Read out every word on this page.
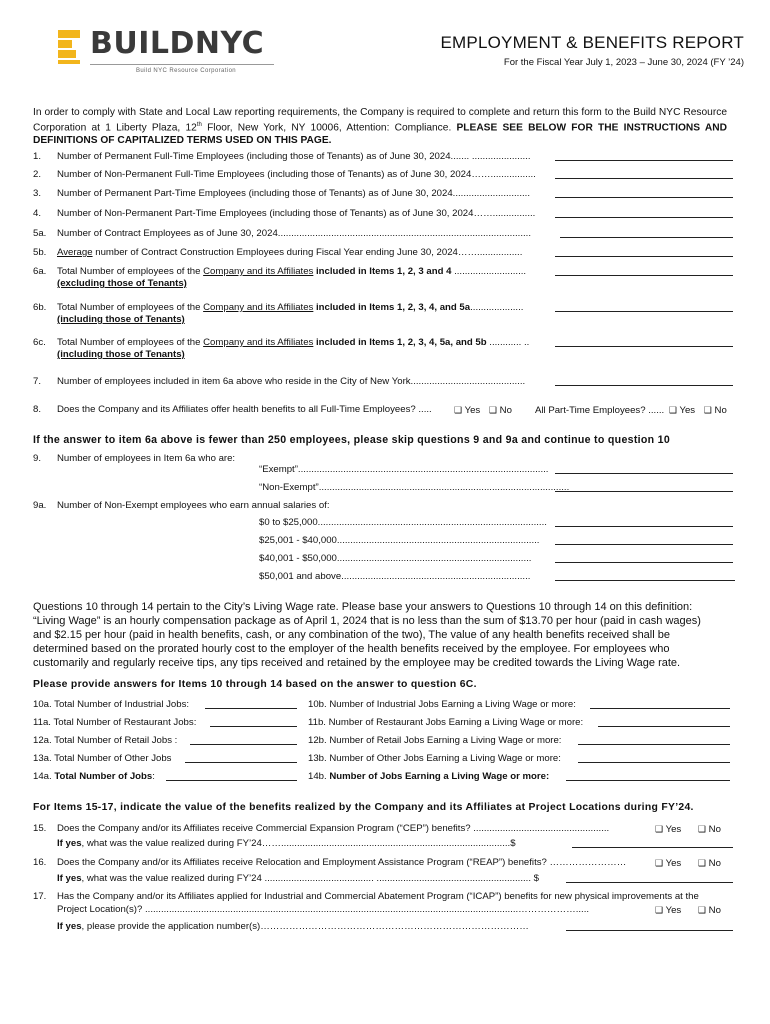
BUILDNYC
Build NYC Resource Corporation
EMPLOYMENT & BENEFITS REPORT
For the Fiscal Year July 1, 2023 – June 30, 2024 (FY ’24)
In order to comply with State and Local Law reporting requirements, the Company is required to complete and return this form to the Build NYC Resource Corporation at 1 Liberty Plaza, 12th Floor, New York, NY 10006, Attention: Compliance. PLEASE SEE BELOW FOR THE INSTRUCTIONS AND DEFINITIONS OF CAPITALIZED TERMS USED ON THIS PAGE.
1. Number of Permanent Full-Time Employees (including those of Tenants) as of June 30, 2024....... ......................
2. Number of Non-Permanent Full-Time Employees (including those of Tenants) as of June 30, 2024…….................
3. Number of Permanent Part-Time Employees (including those of Tenants) as of June 30, 2024.............................
4. Number of Non-Permanent Part-Time Employees (including those of Tenants) as of June 30, 2024……................
5a. Number of Contract Employees as of June 30, 2024...............................................................................................
5b. Average number of Contract Construction Employees during Fiscal Year ending June 30, 2024…….................
6a. Total Number of employees of the Company and its Affiliates included in Items 1, 2, 3 and 4 ...........................
(excluding those of Tenants)
6b. Total Number of employees of the Company and its Affiliates included in Items 1, 2, 3, 4, and 5a....................
(including those of Tenants)
6c. Total Number of employees of the Company and its Affiliates included in Items 1, 2, 3, 4, 5a, and 5b ............ ..
(including those of Tenants)
7. Number of employees included in item 6a above who reside in the City of New York...........................................
8. Does the Company and its Affiliates offer health benefits to all Full-Time Employees? ..... ❑ Yes ❑ No All Part-Time Employees? ...... ❑ Yes ❑ No
If the answer to item 6a above is fewer than 250 employees, please skip questions 9 and 9a and continue to question 10
9. Number of employees in Item 6a who are:
“Exempt”..............................................................................................
“Non-Exempt”..............................................................................................
9a. Number of Non-Exempt employees who earn annual salaries of:
$0 to $25,000......................................................................................
$25,001 - $40,000............................................................................
$40,001 - $50,000.........................................................................
$50,001 and above.......................................................................
Questions 10 through 14 pertain to the City’s Living Wage rate. Please base your answers to Questions 10 through 14 on this definition:
“Living Wage” is an hourly compensation package as of April 1, 2024 that is no less than the sum of $13.70 per hour (paid in cash wages)
and $2.15 per hour (paid in health benefits, cash, or any combination of the two), The value of any health benefits received shall be
determined based on the prorated hourly cost to the employer of the health benefits received by the employee. For employees who
customarily and regularly receive tips, any tips received and retained by the employee may be credited towards the Living Wage rate.
Please provide answers for Items 10 through 14 based on the answer to question 6C.
10a. Total Number of Industrial Jobs:	10b. Number of Industrial Jobs Earning a Living Wage or more:
11a. Total Number of Restaurant Jobs:	11b. Number of Restaurant Jobs Earning a Living Wage or more:
12a. Total Number of Retail Jobs :	12b. Number of Retail Jobs Earning a Living Wage or more:
13a. Total Number of Other Jobs	13b. Number of Other Jobs Earning a Living Wage or more:
14a. Total Number of Jobs:	14b. Number of Jobs Earning a Living Wage or more:
For Items 15-17, indicate the value of the benefits realized by the Company and its Affiliates at Project Locations during FY’24.
15. Does the Company and/or its Affiliates receive Commercial Expansion Program (“CEP”) benefits? ...................................................	❑ Yes ❑ No
If yes, what was the value realized during FY’24……......................................................................................$
16. Does the Company and/or its Affiliates receive Relocation and Employment Assistance Program (“REAP”) benefits? ……………………	❑ Yes ❑ No
If yes, what was the value realized during FY’24 ......................................... .......................................................... $
17. Has the Company and/or its Affiliates applied for Industrial and Commercial Abatement Program (“ICAP”) benefits for new physical improvements at the
Project Location(s)? ............................................................................................................................................……………….....	❑ Yes ❑ No
If yes, please provide the application number(s)…………………………………………………………………………
